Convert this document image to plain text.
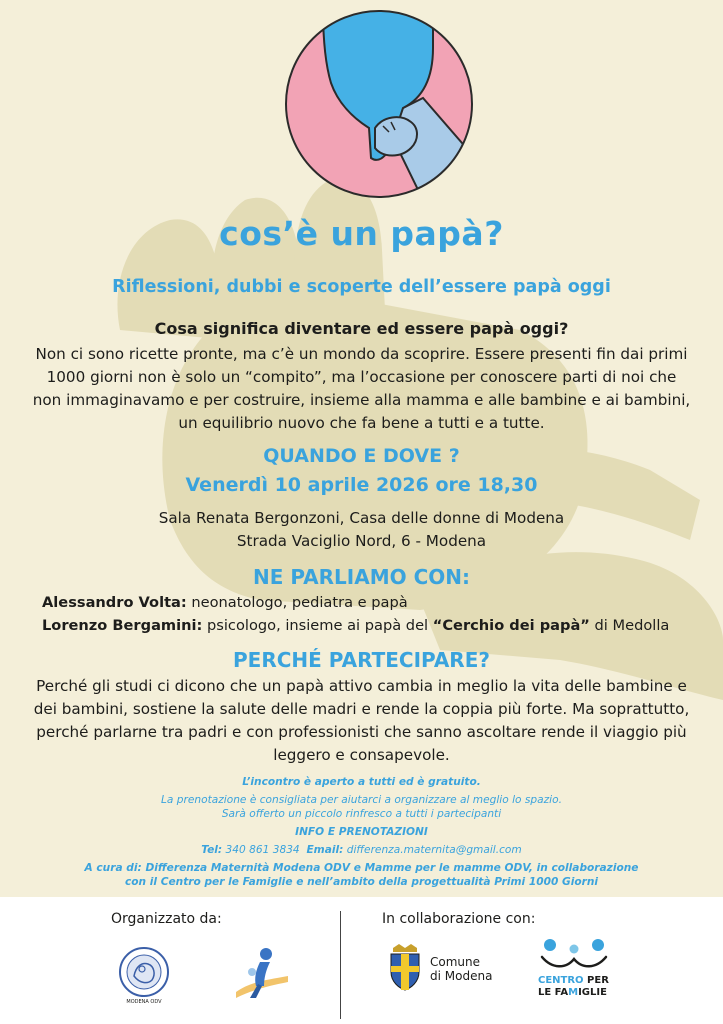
cos’è un papà?
Riflessioni, dubbi e scoperte dell’essere papà oggi
Cosa significa diventare ed essere papà oggi?
Non ci sono ricette pronte, ma c’è un mondo da scoprire. Essere presenti fin dai primi 1000 giorni non è solo un “compito”, ma l’occasione per conoscere parti di noi che non immaginavamo e per costruire, insieme alla mamma e alle bambine e ai bambini, un equilibrio nuovo che fa bene a tutti e a tutte.
QUANDO E DOVE ?
Venerdì 10 aprile 2026 ore 18,30
Sala Renata Bergonzoni, Casa delle donne di Modena
Strada Vaciglio Nord, 6 - Modena
NE PARLIAMO CON:
Alessandro Volta: neonatologo, pediatra e papà
Lorenzo Bergamini: psicologo, insieme ai papà del “Cerchio dei papà” di Medolla
PERCHÉ PARTECIPARE?
Perché gli studi ci dicono che un papà attivo cambia in meglio la vita delle bambine e dei bambini, sostiene la salute delle madri e rende la coppia più forte. Ma soprattutto, perché parlarne tra padri e con professionisti che sanno ascoltare rende il viaggio più leggero e consapevole.
L’incontro è aperto a tutti ed è gratuito.
La prenotazione è consigliata per aiutarci a organizzare al meglio lo spazio.
Sarà offerto un piccolo rinfresco a tutti i partecipanti
INFO E PRENOTAZIONI
Tel: 340 861 3834 Email: differenza.maternita@gmail.com
A cura di: Differenza Maternità Modena ODV e Mamme per le mamme ODV, in collaborazione
con il Centro per le Famiglie e nell’ambito della progettualità Primi 1000 Giorni
Organizzato da:	In collaborazione con:
MODENA ODV
Comune
di Modena	CENTRO PER
LE FAMIGLIE
